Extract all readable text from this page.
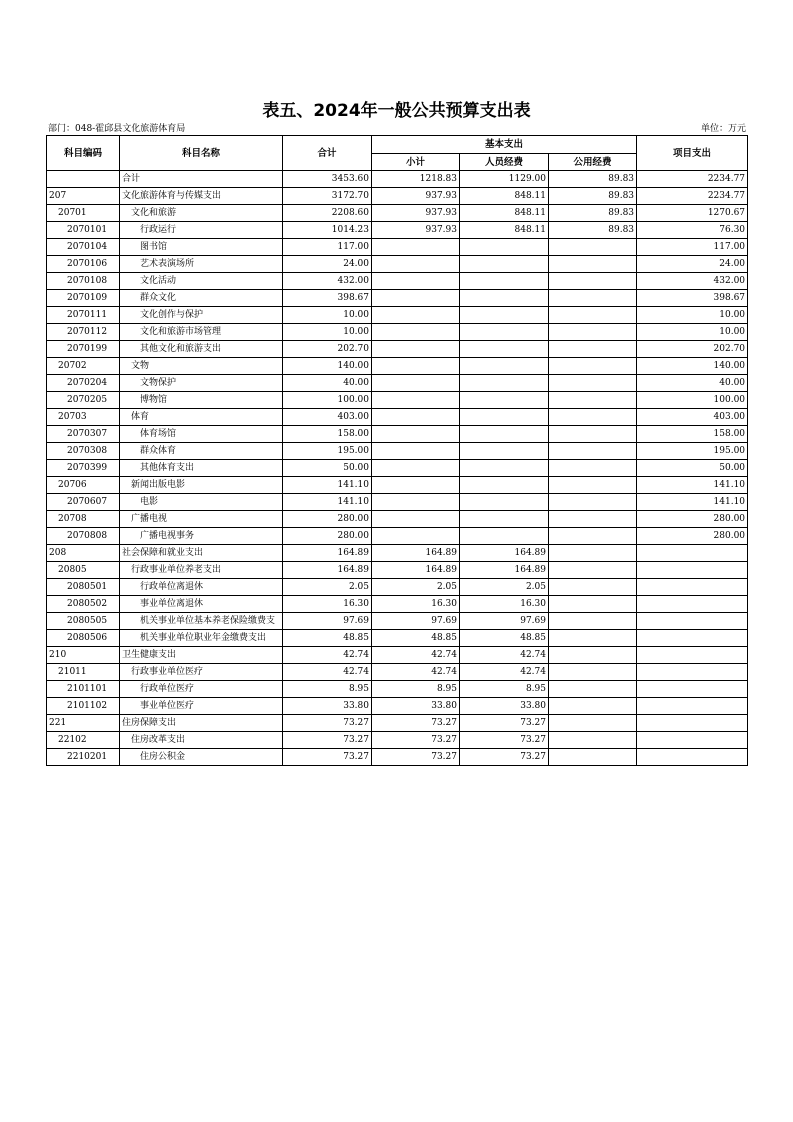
表五、2024年一般公共预算支出表
部门：048-霍邱县文化旅游体育局	单位：万元
科目编码	科目名称	合计	基本支出			项目支出
			小计	人员经费	公用经费	
	合计	3453.60	1218.83	1129.00	89.83	2234.77
207	文化旅游体育与传媒支出	3172.70	937.93	848.11	89.83	2234.77
20701	文化和旅游	2208.60	937.93	848.11	89.83	1270.67
2070101	行政运行	1014.23	937.93	848.11	89.83	76.30
2070104	图书馆	117.00				117.00
2070106	艺术表演场所	24.00				24.00
2070108	文化活动	432.00				432.00
2070109	群众文化	398.67				398.67
2070111	文化创作与保护	10.00				10.00
2070112	文化和旅游市场管理	10.00				10.00
2070199	其他文化和旅游支出	202.70				202.70
20702	文物	140.00				140.00
2070204	文物保护	40.00				40.00
2070205	博物馆	100.00				100.00
20703	体育	403.00				403.00
2070307	体育场馆	158.00				158.00
2070308	群众体育	195.00				195.00
2070399	其他体育支出	50.00				50.00
20706	新闻出版电影	141.10				141.10
2070607	电影	141.10				141.10
20708	广播电视	280.00				280.00
2070808	广播电视事务	280.00				280.00
208	社会保障和就业支出	164.89	164.89	164.89		
20805	行政事业单位养老支出	164.89	164.89	164.89		
2080501	行政单位离退休	2.05	2.05	2.05		
2080502	事业单位离退休	16.30	16.30	16.30		
2080505	机关事业单位基本养老保险缴费支	97.69	97.69	97.69		
2080506	机关事业单位职业年金缴费支出	48.85	48.85	48.85		
210	卫生健康支出	42.74	42.74	42.74		
21011	行政事业单位医疗	42.74	42.74	42.74		
2101101	行政单位医疗	8.95	8.95	8.95		
2101102	事业单位医疗	33.80	33.80	33.80		
221	住房保障支出	73.27	73.27	73.27		
22102	住房改革支出	73.27	73.27	73.27		
2210201	住房公积金	73.27	73.27	73.27		
